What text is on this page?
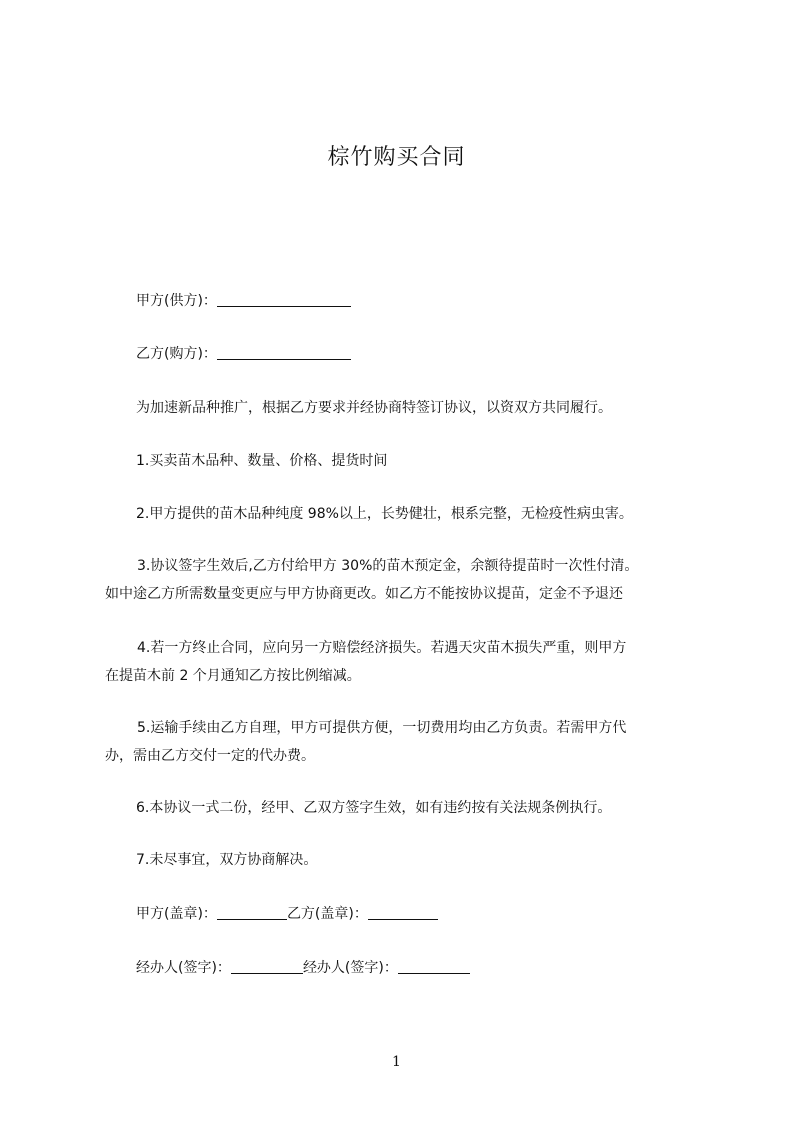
棕竹购买合同
甲方(供方)：
乙方(购方)：
为加速新品种推广，根据乙方要求并经协商特签订协议，以资双方共同履行。
1.买卖苗木品种、数量、价格、提货时间
2.甲方提供的苗木品种纯度 98%以上，长势健壮，根系完整，无检疫性病虫害。
3.协议签字生效后,乙方付给甲方 30%的苗木预定金，余额待提苗时一次性付清。
如中途乙方所需数量变更应与甲方协商更改。如乙方不能按协议提苗，定金不予退还
4.若一方终止合同，应向另一方赔偿经济损失。若遇天灾苗木损失严重，则甲方
在提苗木前 2 个月通知乙方按比例缩减。
5.运输手续由乙方自理，甲方可提供方便，一切费用均由乙方负责。若需甲方代
办，需由乙方交付一定的代办费。
6.本协议一式二份，经甲、乙双方签字生效，如有违约按有关法规条例执行。
7.未尽事宜，双方协商解决。
甲方(盖章)：	乙方(盖章)：
经办人(签字)：	经办人(签字)：
1
